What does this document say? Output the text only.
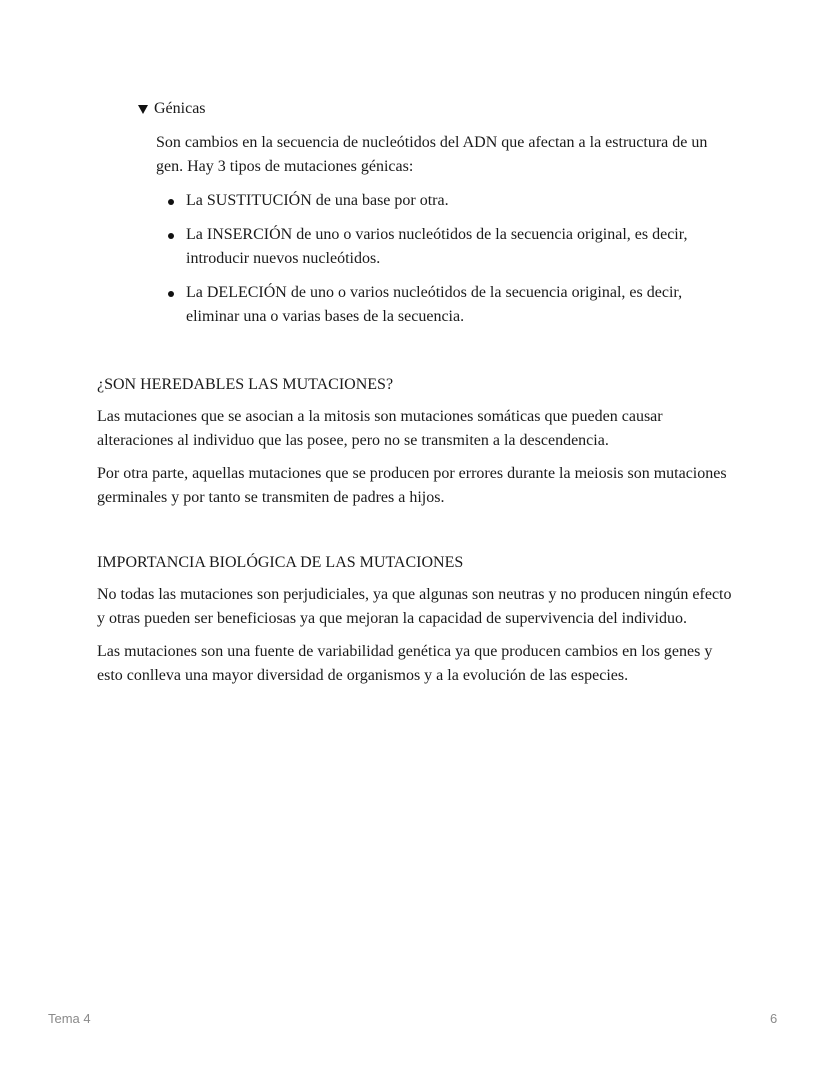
Génicas

Son cambios en la secuencia de nucleótidos del ADN que afectan a la estructura de un gen. Hay 3 tipos de mutaciones génicas:

La SUSTITUCIÓN de una base por otra.
La INSERCIÓN de uno o varios nucleótidos de la secuencia original, es decir, introducir nuevos nucleótidos.
La DELECIÓN de uno o varios nucleótidos de la secuencia original, es decir, eliminar una o varias bases de la secuencia.
¿SON HEREDABLES LAS MUTACIONES?

Las mutaciones que se asocian a la mitosis son mutaciones somáticas que pueden causar alteraciones al individuo que las posee, pero no se transmiten a la descendencia.

Por otra parte, aquellas mutaciones que se producen por errores durante la meiosis son mutaciones germinales y por tanto se transmiten de padres a hijos.

IMPORTANCIA BIOLÓGICA DE LAS MUTACIONES

No todas las mutaciones son perjudiciales, ya que algunas son neutras y no producen ningún efecto y otras pueden ser beneficiosas ya que mejoran la capacidad de supervivencia del individuo.

Las mutaciones son una fuente de variabilidad genética ya que producen cambios en los genes y esto conlleva una mayor diversidad de organismos y a la evolución de las especies.

Tema 4	6
